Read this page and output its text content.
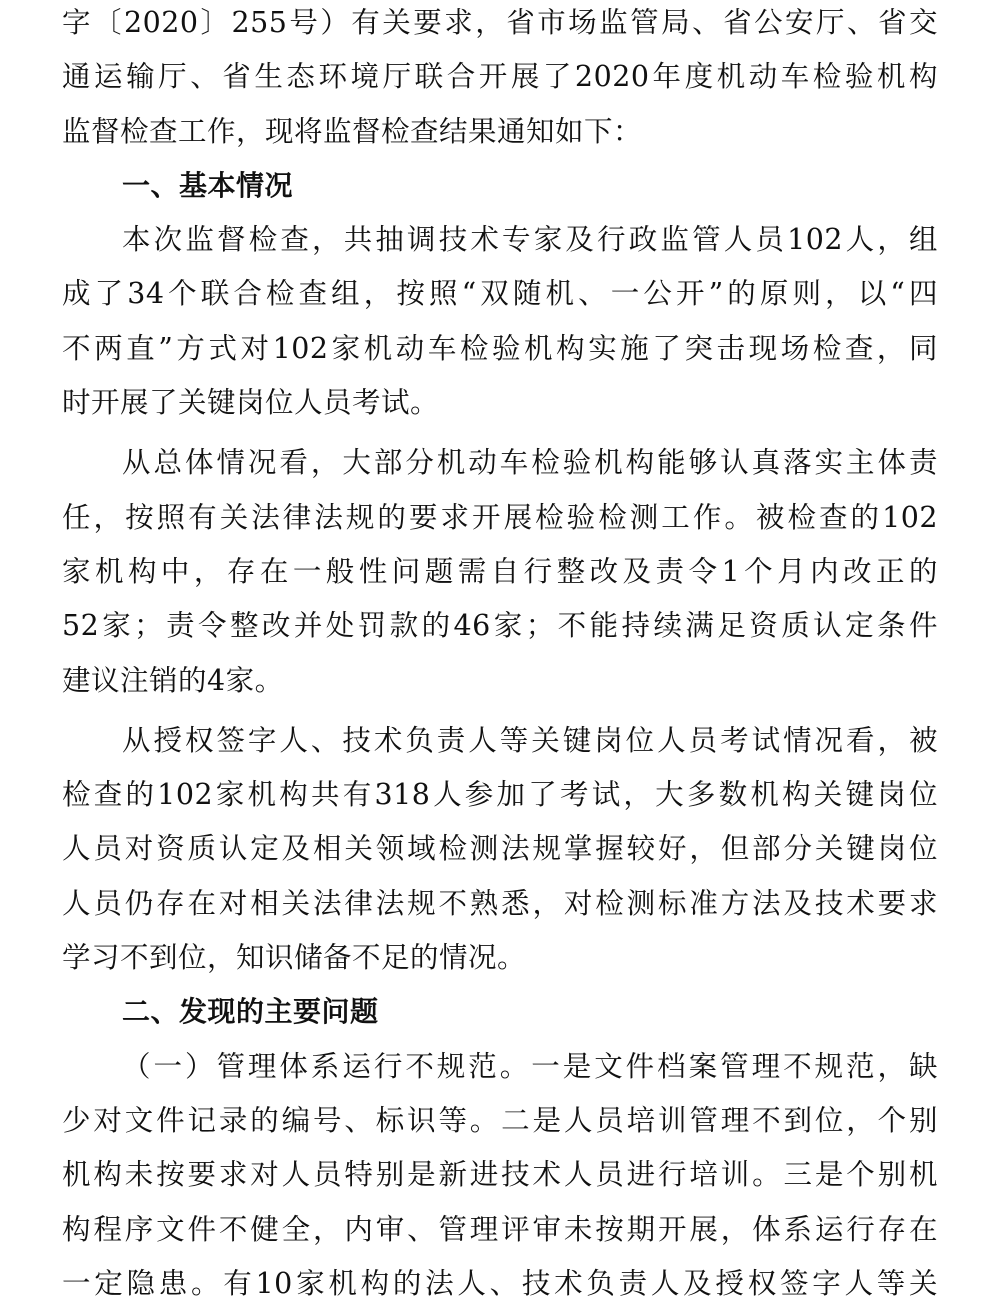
字〔2020〕255号）有关要求，省市场监管局、省公安厅、省交
通运输厅、省生态环境厅联合开展了2020年度机动车检验机构
监督检查工作，现将监督检查结果通知如下：
一、基本情况
本次监督检查，共抽调技术专家及行政监管人员102人，组
成了34个联合检查组，按照“双随机、一公开”的原则，以“四
不两直”方式对102家机动车检验机构实施了突击现场检查，同
时开展了关键岗位人员考试。
从总体情况看，大部分机动车检验机构能够认真落实主体责
任，按照有关法律法规的要求开展检验检测工作。被检查的102
家机构中，存在一般性问题需自行整改及责令1个月内改正的
52家；责令整改并处罚款的46家；不能持续满足资质认定条件
建议注销的4家。
从授权签字人、技术负责人等关键岗位人员考试情况看，被
检查的102家机构共有318人参加了考试，大多数机构关键岗位
人员对资质认定及相关领域检测法规掌握较好，但部分关键岗位
人员仍存在对相关法律法规不熟悉，对检测标准方法及技术要求
学习不到位，知识储备不足的情况。
二、发现的主要问题
（一）管理体系运行不规范。一是文件档案管理不规范，缺
少对文件记录的编号、标识等。二是人员培训管理不到位，个别
机构未按要求对人员特别是新进技术人员进行培训。三是个别机
构程序文件不健全，内审、管理评审未按期开展，体系运行存在
一定隐患。有10家机构的法人、技术负责人及授权签字人等关
